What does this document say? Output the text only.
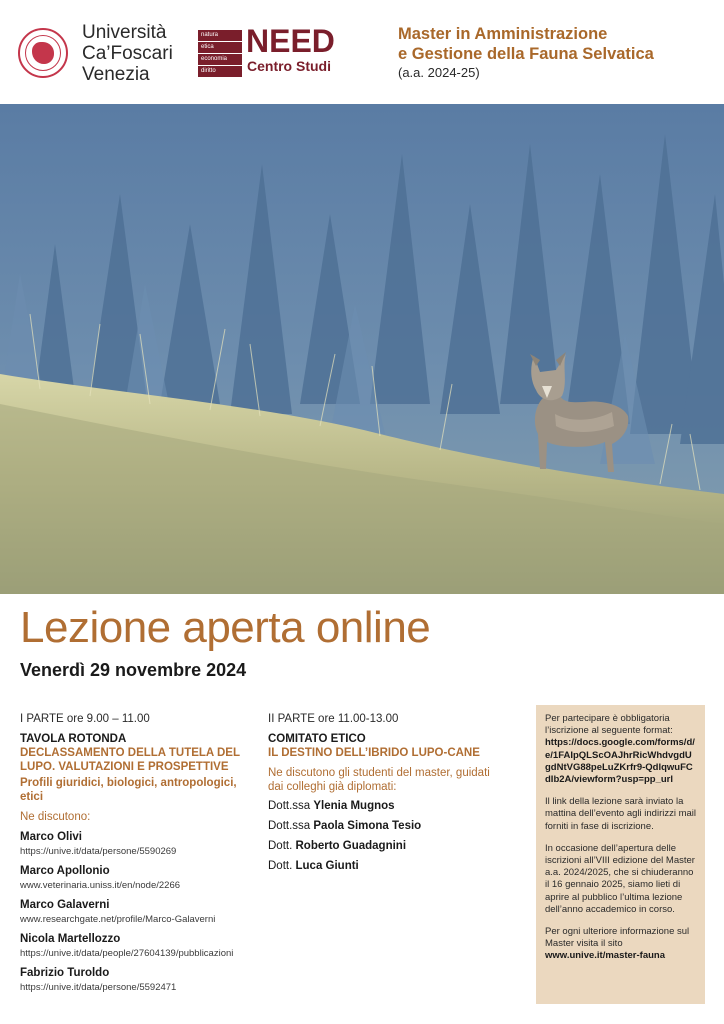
Università
Ca’Foscari
Venezia
natura
etica
economia
diritto
NEED
Centro Studi
Master in Amministrazione
e Gestione della Fauna Selvatica
(a.a. 2024-25)
Lezione aperta online
Venerdì 29 novembre 2024
I PARTE ore 9.00 – 11.00
TAVOLA ROTONDA
DECLASSAMENTO DELLA TUTELA DEL
LUPO. VALUTAZIONI E PROSPETTIVE
Profili giuridici, biologici, antropologici, etici
Ne discutono:
Marco Olivi
https://unive.it/data/persone/5590269
Marco Apollonio
www.veterinaria.uniss.it/en/node/2266
Marco Galaverni
www.researchgate.net/profile/Marco-Galaverni
Nicola Martellozzo
https://unive.it/data/people/27604139/pubblicazioni
Fabrizio Turoldo
https://unive.it/data/persone/5592471
II PARTE ore 11.00-13.00
COMITATO ETICO
IL DESTINO DELL’IBRIDO LUPO-CANE
Ne discutono gli studenti del master, guidati
dai colleghi già diplomati:
Dott.ssa Ylenia Mugnos
Dott.ssa Paola Simona Tesio
Dott. Roberto Guadagnini
Dott. Luca Giunti

Per partecipare è obbligatoria l’iscrizione al seguente format:
https://docs.google.com/forms/d/e/1FAIpQLScOAJhrRicWhdvgdUgdNtVG88peLuZKrfr9-QdlqwuFCdIb2A/viewform?usp=pp_url

Il link della lezione sarà inviato la mattina dell’evento agli indirizzi mail forniti in fase di iscrizione.

In occasione dell’apertura delle iscrizioni all’VIII edizione del Master a.a. 2024/2025, che si chiuderanno il 16 gennaio 2025, siamo lieti di aprire al pubblico l’ultima lezione dell’anno accademico in corso.

Per ogni ulteriore informazione sul Master visita il sito
www.unive.it/master-fauna
